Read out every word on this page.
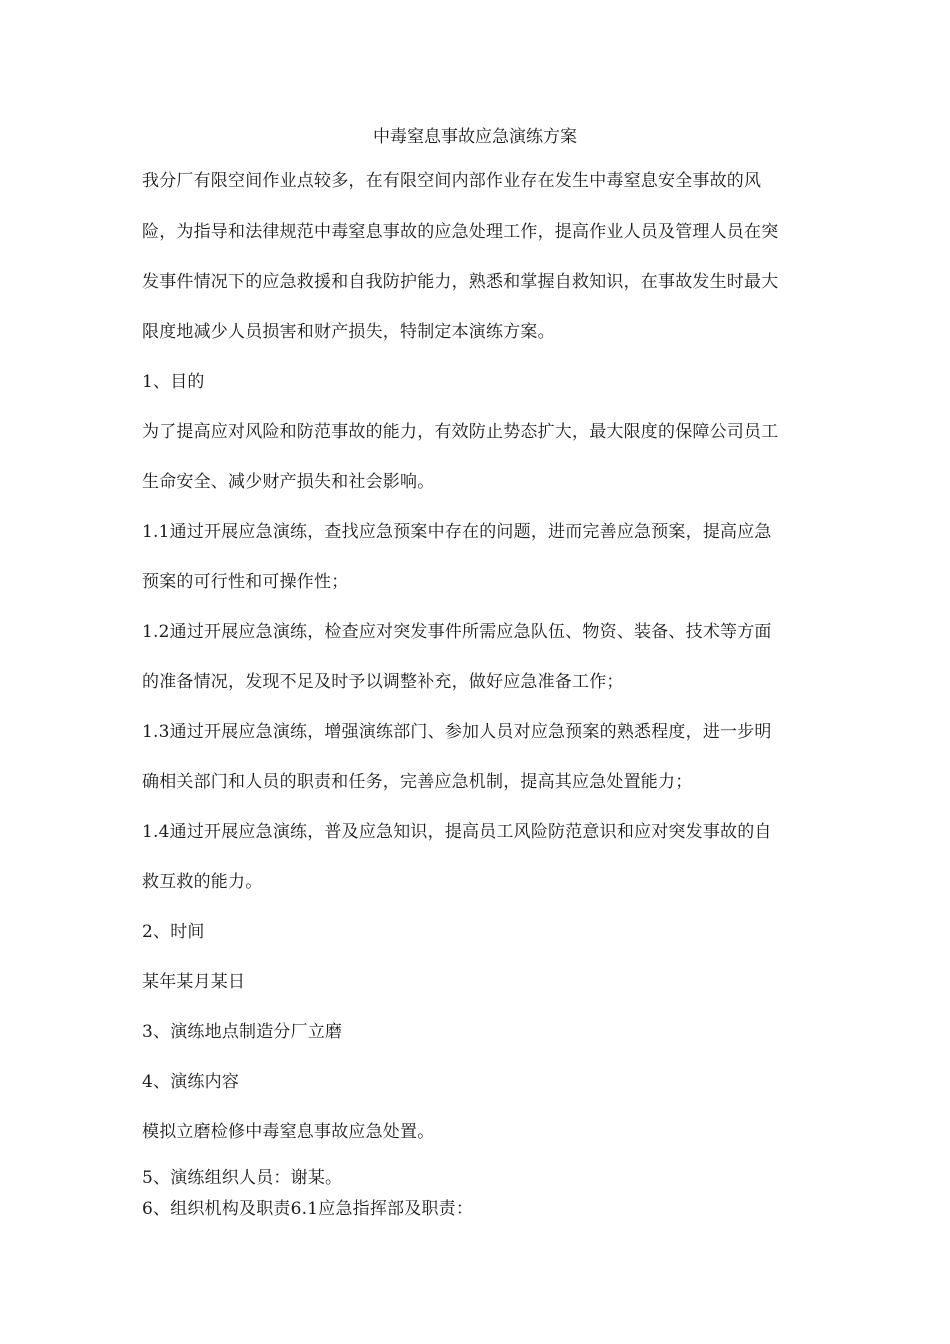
中毒窒息事故应急演练方案
我分厂有限空间作业点较多，在有限空间内部作业存在发生中毒窒息安全事故的风
险，为指导和法律规范中毒窒息事故的应急处理工作，提高作业人员及管理人员在突
发事件情况下的应急救援和自我防护能力，熟悉和掌握自救知识，在事故发生时最大
限度地减少人员损害和财产损失，特制定本演练方案。
1、目的
为了提高应对风险和防范事故的能力，有效防止势态扩大，最大限度的保障公司员工
生命安全、减少财产损失和社会影响。
1.1通过开展应急演练，查找应急预案中存在的问题，进而完善应急预案，提高应急
预案的可行性和可操作性；
1.2通过开展应急演练，检查应对突发事件所需应急队伍、物资、装备、技术等方面
的准备情况，发现不足及时予以调整补充，做好应急准备工作；
1.3通过开展应急演练，增强演练部门、参加人员对应急预案的熟悉程度，进一步明
确相关部门和人员的职责和任务，完善应急机制，提高其应急处置能力；
1.4通过开展应急演练，普及应急知识，提高员工风险防范意识和应对突发事故的自
救互救的能力。
2、时间
某年某月某日
3、演练地点制造分厂立磨
4、演练内容
模拟立磨检修中毒窒息事故应急处置。
5、演练组织人员：谢某。
6、组织机构及职责6.1应急指挥部及职责：
